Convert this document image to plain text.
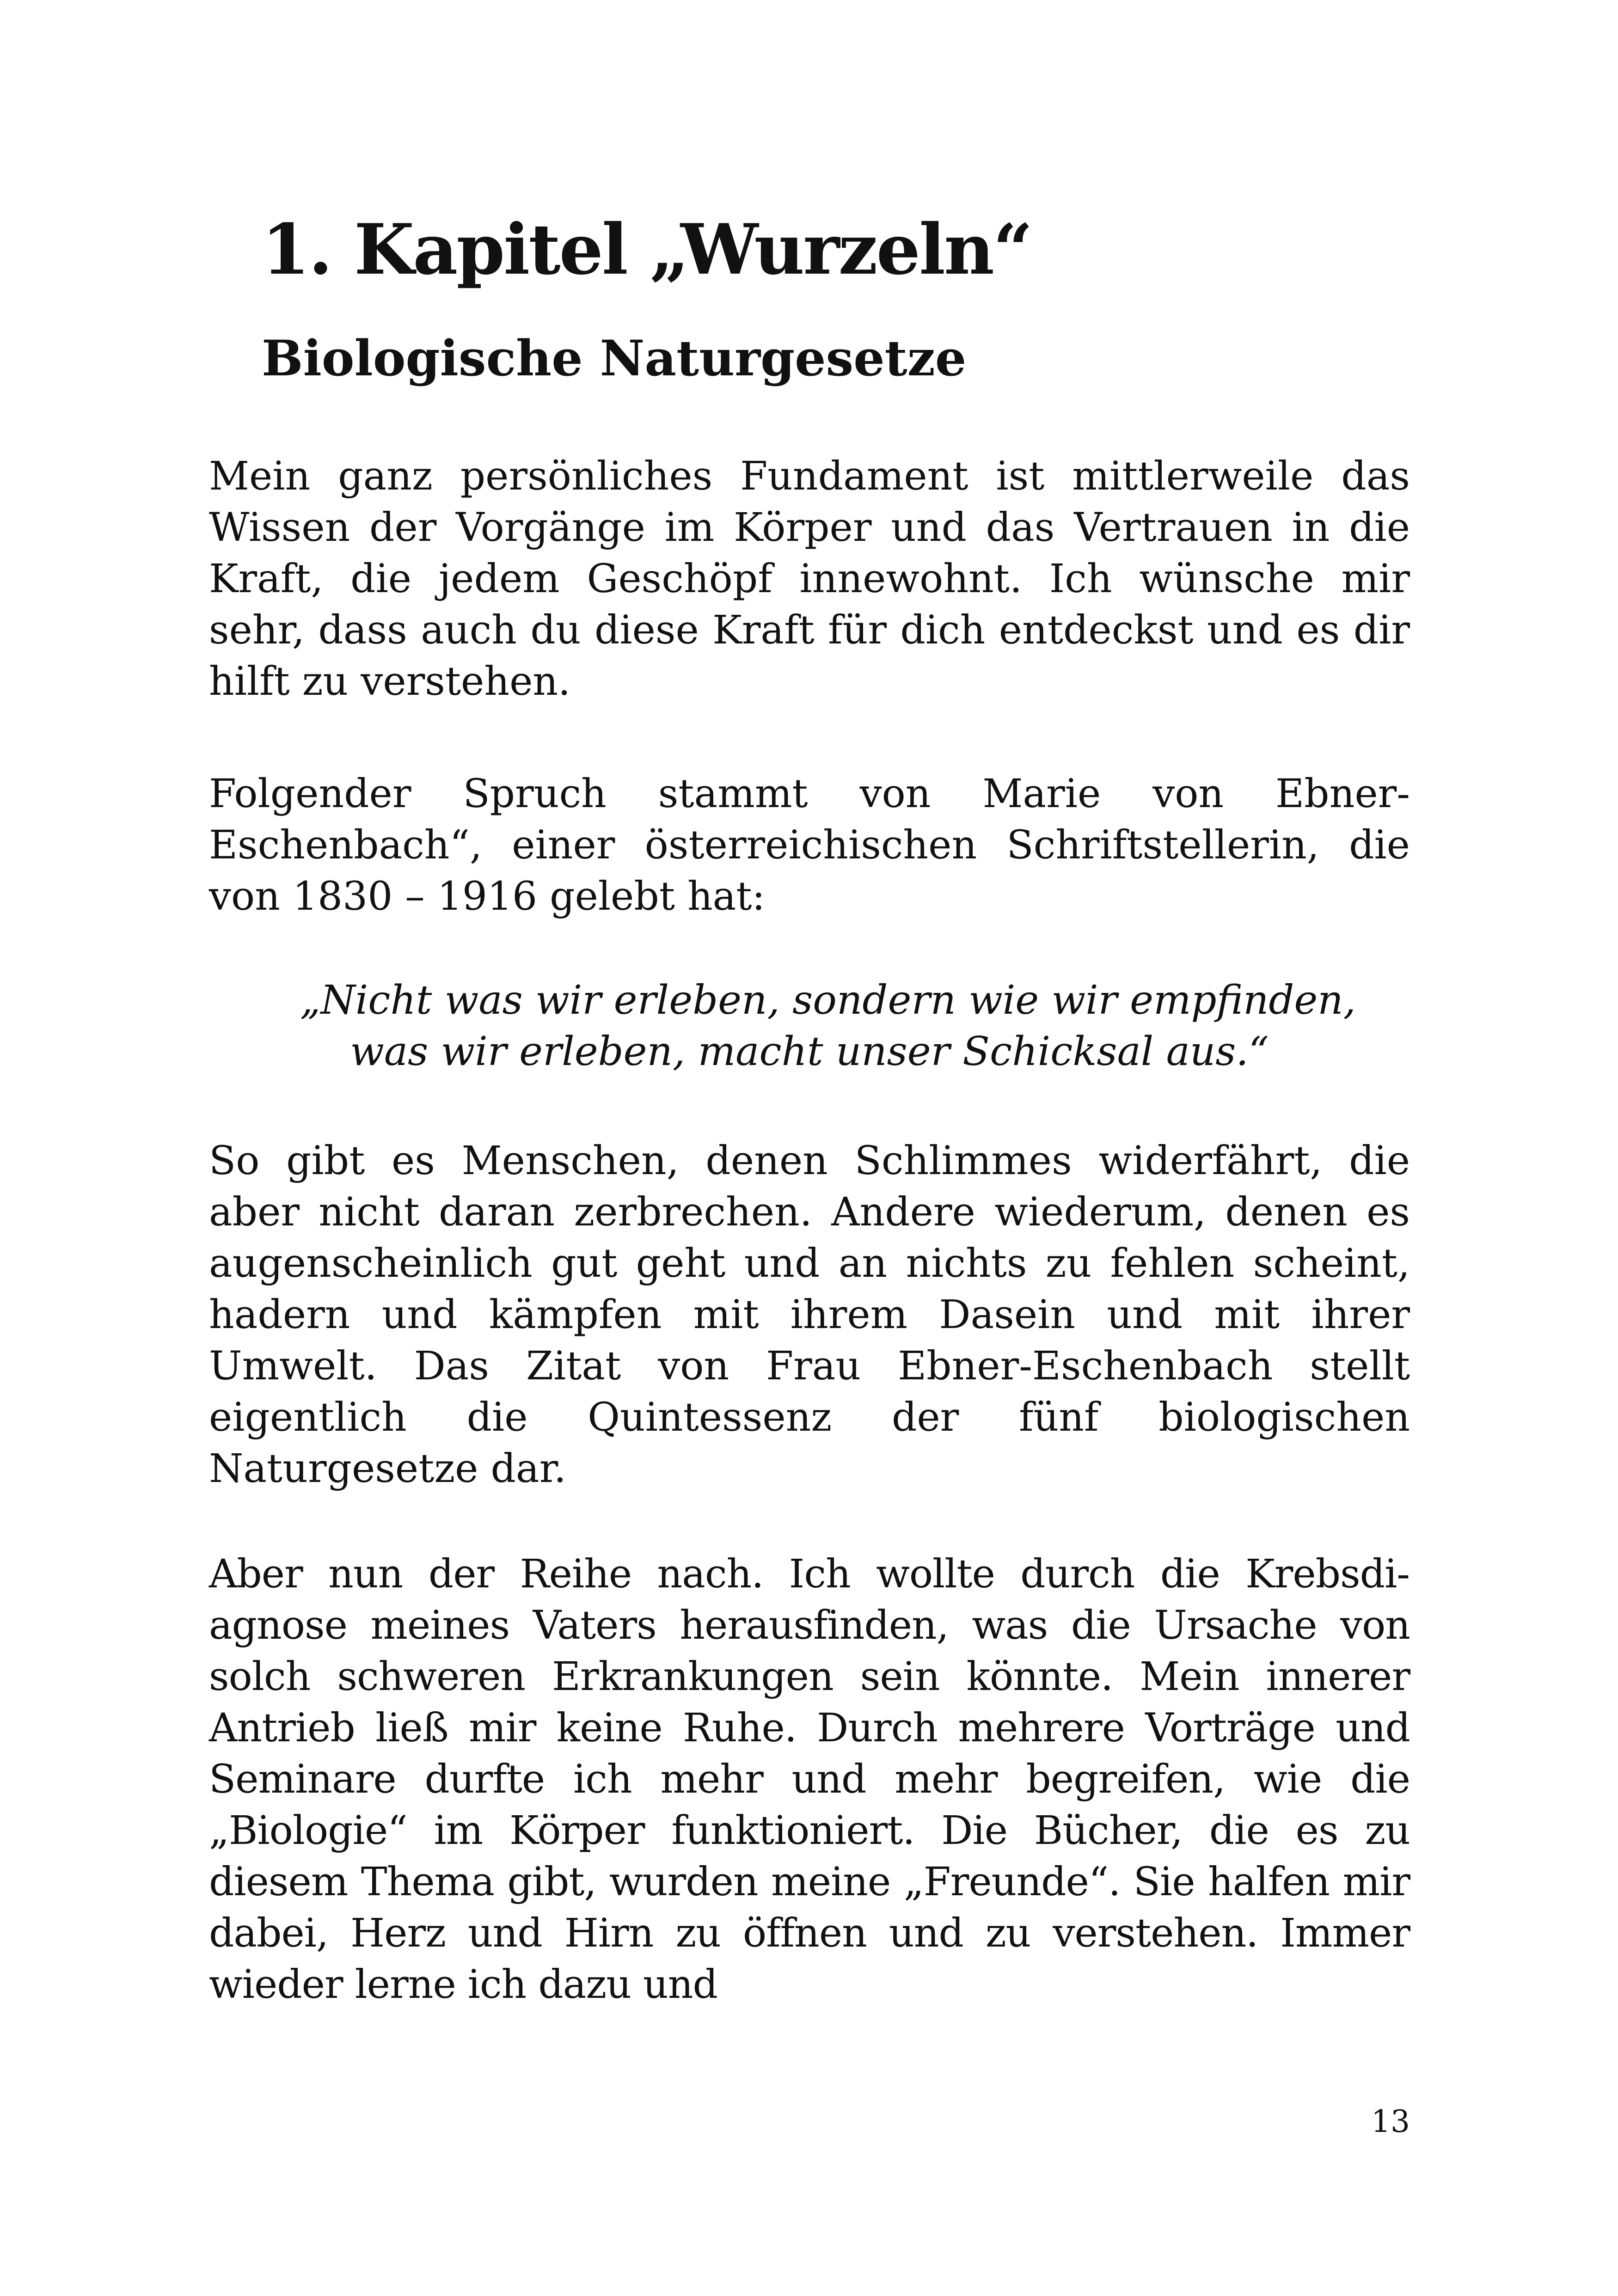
1. Kapitel „Wurzeln“
Biologische Naturgesetze

Mein ganz persönliches Fundament ist mittlerweile das Wissen der Vorgänge im Körper und das Vertrauen in die Kraft, die jedem Geschöpf innewohnt. Ich wünsche mir sehr, dass auch du diese Kraft für dich entdeckst und es dir hilft zu verstehen.

Folgender Spruch stammt von Marie von Ebner-Eschenbach“, einer österreichischen Schriftstellerin, die von 1830 – 1916 gelebt hat:

„Nicht was wir erleben, sondern wie wir empfinden,
was wir erleben, macht unser Schicksal aus.“

So gibt es Menschen, denen Schlimmes widerfährt, die aber nicht daran zerbrechen. Andere wiederum, denen es augenscheinlich gut geht und an nichts zu fehlen scheint, hadern und kämpfen mit ihrem Dasein und mit ihrer Umwelt. Das Zitat von Frau Ebner-Eschenbach stellt eigentlich die Quintessenz der fünf biologischen Naturgesetze dar.

Aber nun der Reihe nach. Ich wollte durch die Krebsdiagnose meines Vaters herausfinden, was die Ursache von solch schweren Erkrankungen sein könnte. Mein innerer Antrieb ließ mir keine Ruhe. Durch mehrere Vorträge und Seminare durfte ich mehr und mehr begreifen, wie die „Biologie“ im Körper funktioniert. Die Bücher, die es zu diesem Thema gibt, wurden meine „Freunde“. Sie halfen mir dabei, Herz und Hirn zu öffnen und zu verstehen. Immer wieder lerne ich dazu und

13
